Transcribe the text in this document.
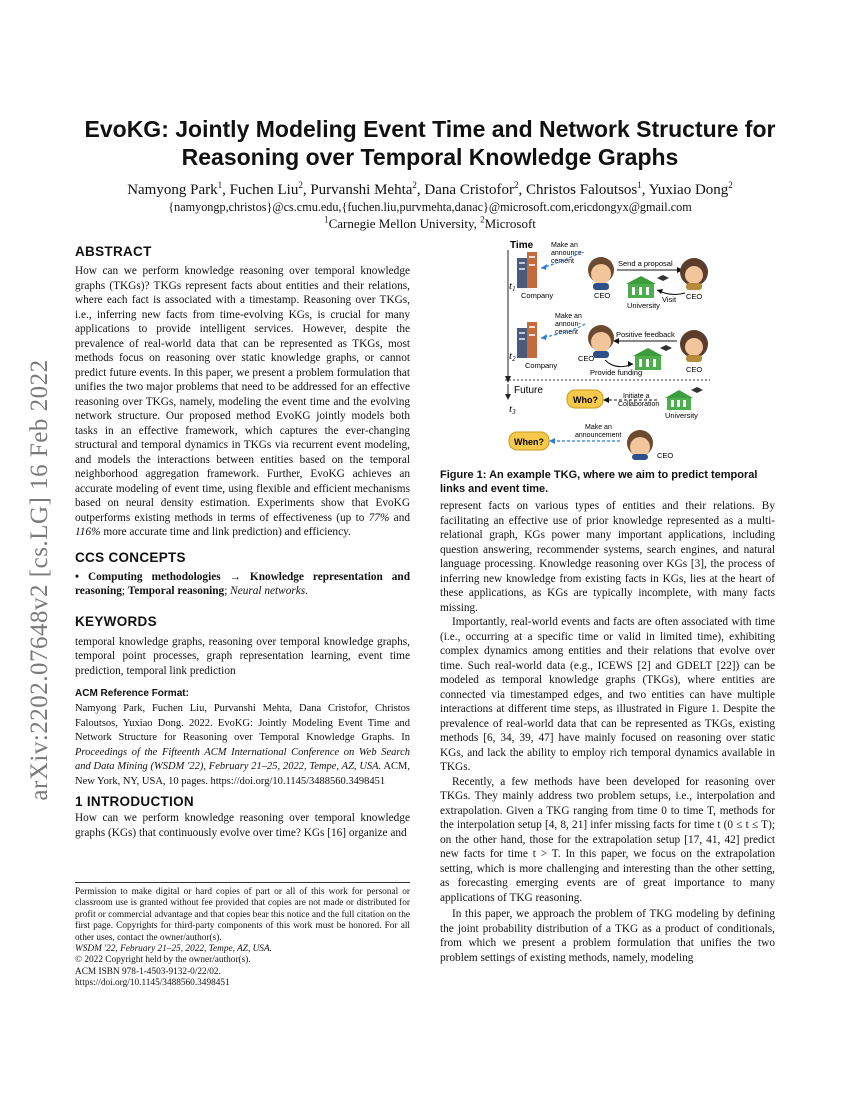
arXiv:2202.07648v2 [cs.LG] 16 Feb 2022
EvoKG: Jointly Modeling Event Time and Network Structure for
Reasoning over Temporal Knowledge Graphs
Namyong Park$^1$, Fuchen Liu$^2$, Purvanshi Mehta$^2$, Dana Cristofor$^2$, Christos Faloutsos$^1$, Yuxiao Dong$^2$
{namyongp,christos}@cs.cmu.edu,{fuchen.liu,purvmehta,danac}@microsoft.com,ericdongyx@gmail.com
$^1$Carnegie Mellon University, $^2$Microsoft
ABSTRACT

How can we perform knowledge reasoning over temporal knowledge graphs (TKGs)? TKGs represent facts about entities and their relations, where each fact is associated with a timestamp. Reasoning over TKGs, i.e., inferring new facts from time-evolving KGs, is crucial for many applications to provide intelligent services. However, despite the prevalence of real-world data that can be represented as TKGs, most methods focus on reasoning over static knowledge graphs, or cannot predict future events. In this paper, we present a problem formulation that unifies the two major problems that need to be addressed for an effective reasoning over TKGs, namely, modeling the event time and the evolving network structure. Our proposed method EvoKG jointly models both tasks in an effective framework, which captures the ever-changing structural and temporal dynamics in TKGs via recurrent event modeling, and models the interactions between entities based on the temporal neighborhood aggregation framework. Further, EvoKG achieves an accurate modeling of event time, using flexible and efficient mechanisms based on neural density estimation. Experiments show that EvoKG outperforms existing methods in terms of effectiveness (up to 77% and 116% more accurate time and link prediction) and efficiency.

CCS CONCEPTS

• Computing methodologies → Knowledge representation and reasoning; Temporal reasoning; Neural networks.

KEYWORDS

temporal knowledge graphs, reasoning over temporal knowledge graphs, temporal point processes, graph representation learning, event time prediction, temporal link prediction

ACM Reference Format:

Namyong Park, Fuchen Liu, Purvanshi Mehta, Dana Cristofor, Christos Faloutsos, Yuxiao Dong. 2022. EvoKG: Jointly Modeling Event Time and Network Structure for Reasoning over Temporal Knowledge Graphs. In Proceedings of the Fifteenth ACM International Conference on Web Search and Data Mining (WSDM '22), February 21–25, 2022, Tempe, AZ, USA. ACM, New York, NY, USA, 10 pages. https://doi.org/10.1145/3488560.3498451

1 INTRODUCTION

How can we perform knowledge reasoning over temporal knowledge graphs (KGs) that continuously evolve over time? KGs [16] organize and

Permission to make digital or hard copies of part or all of this work for personal or classroom use is granted without fee provided that copies are not made or distributed for profit or commercial advantage and that copies bear this notice and the full citation on the first page. Copyrights for third-party components of this work must be honored. For all other uses, contact the owner/author(s).

WSDM '22, February 21–25, 2022, Tempe, AZ, USA.

© 2022 Copyright held by the owner/author(s).

ACM ISBN 978-1-4503-9132-0/22/02.

https://doi.org/10.1145/3488560.3498451

Time
t1
t2
Future
t3
Company
Make an
announce-
cement
CEO
Send a proposal
CEO
University
Visit
Company
Make an
announ-
cement
CEO
Positive feedback
CEO
Provide funding
Who?	Initiate a
Collaboration
University
When?
Make an
announcement
CEO
Figure 1: An example TKG, where we aim to predict temporal links and event time.

represent facts on various types of entities and their relations. By facilitating an effective use of prior knowledge represented as a multi-relational graph, KGs power many important applications, including question answering, recommender systems, search engines, and natural language processing. Knowledge reasoning over KGs [3], the process of inferring new knowledge from existing facts in KGs, lies at the heart of these applications, as KGs are typically incomplete, with many facts missing.

Importantly, real-world events and facts are often associated with time (i.e., occurring at a specific time or valid in limited time), exhibiting complex dynamics among entities and their relations that evolve over time. Such real-world data (e.g., ICEWS [2] and GDELT [22]) can be modeled as temporal knowledge graphs (TKGs), where entities are connected via timestamped edges, and two entities can have multiple interactions at different time steps, as illustrated in Figure 1. Despite the prevalence of real-world data that can be represented as TKGs, existing methods [6, 34, 39, 47] have mainly focused on reasoning over static KGs, and lack the ability to employ rich temporal dynamics available in TKGs.

Recently, a few methods have been developed for reasoning over TKGs. They mainly address two problem setups, i.e., interpolation and extrapolation. Given a TKG ranging from time 0 to time T, methods for the interpolation setup [4, 8, 21] infer missing facts for time t (0 ≤ t ≤ T); on the other hand, those for the extrapolation setup [17, 41, 42] predict new facts for time t > T. In this paper, we focus on the extrapolation setting, which is more challenging and interesting than the other setting, as forecasting emerging events are of great importance to many applications of TKG reasoning.

In this paper, we approach the problem of TKG modeling by defining the joint probability distribution of a TKG as a product of conditionals, from which we present a problem formulation that unifies the two problem settings of existing methods, namely, modeling
